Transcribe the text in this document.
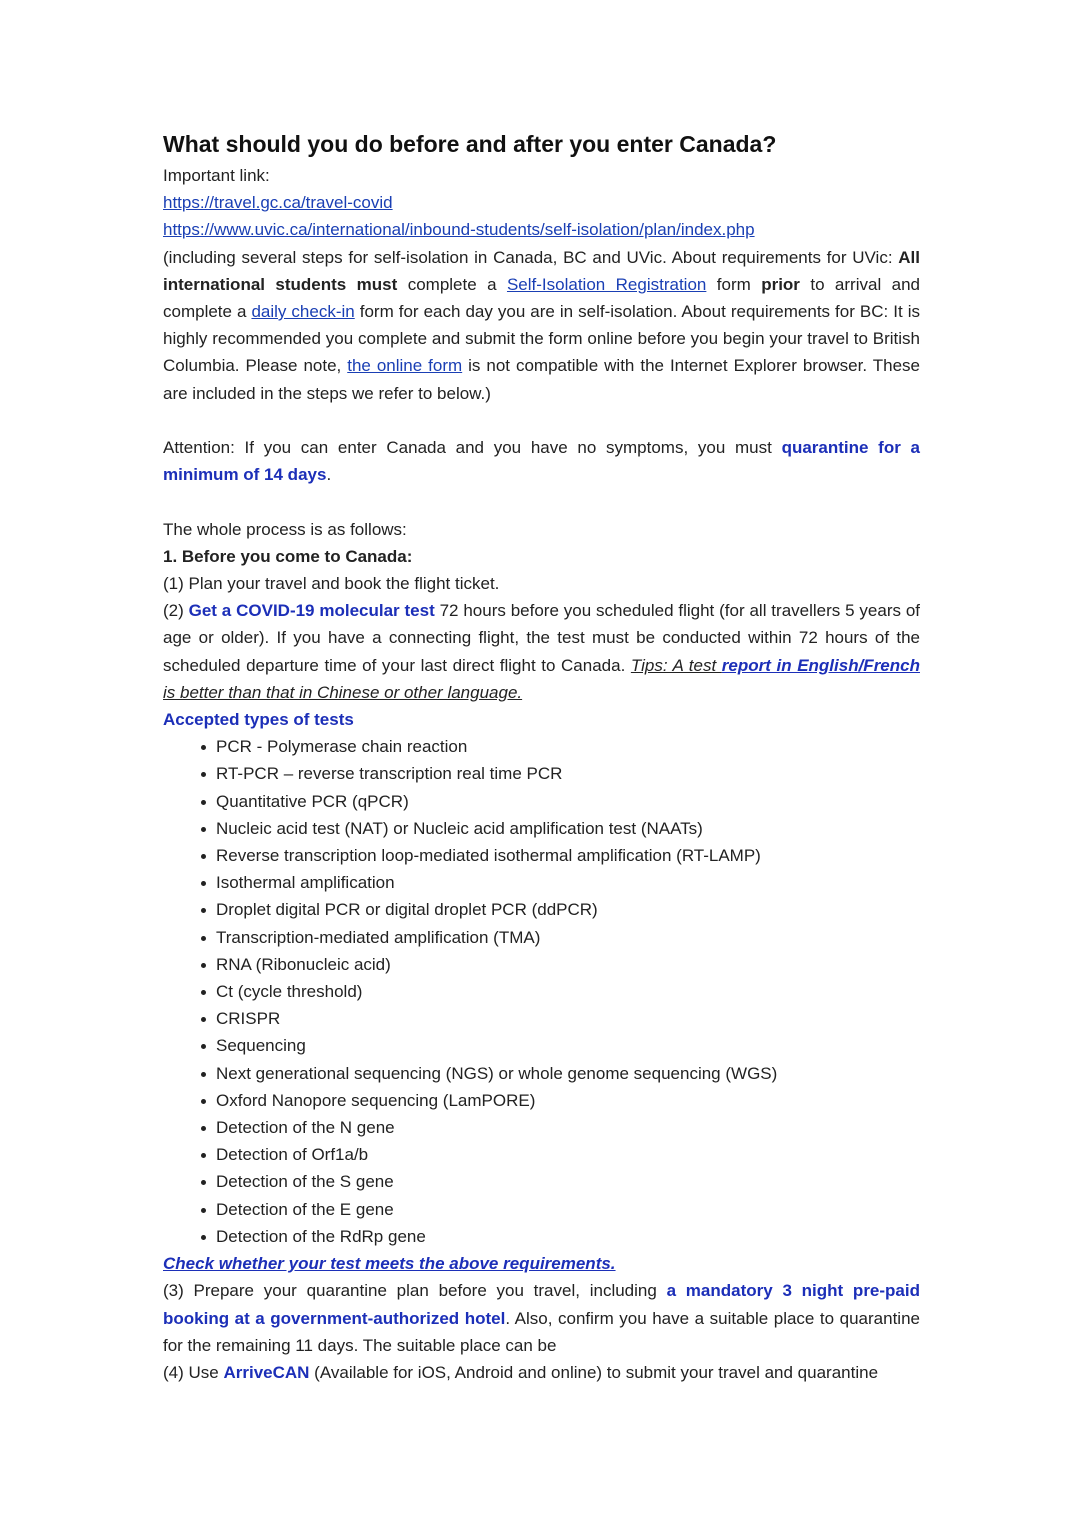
What should you do before and after you enter Canada?

Important link:

https://travel.gc.ca/travel-covid

https://www.uvic.ca/international/inbound-students/self-isolation/plan/index.php

(including several steps for self-isolation in Canada, BC and UVic. About requirements for UVic: All international students must complete a Self-Isolation Registration form prior to arrival and complete a daily check-in form for each day you are in self-isolation. About requirements for BC: It is highly recommended you complete and submit the form online before you begin your travel to British Columbia. Please note, the online form is not compatible with the Internet Explorer browser. These are included in the steps we refer to below.)

Attention: If you can enter Canada and you have no symptoms, you must quarantine for a minimum of 14 days.

The whole process is as follows:

1. Before you come to Canada:

(1) Plan your travel and book the flight ticket.

(2) Get a COVID-19 molecular test 72 hours before you scheduled flight (for all travellers 5 years of age or older). If you have a connecting flight, the test must be conducted within 72 hours of the scheduled departure time of your last direct flight to Canada. Tips: A test report in English/French is better than that in Chinese or other language.

Accepted types of tests

PCR - Polymerase chain reaction
RT-PCR – reverse transcription real time PCR
Quantitative PCR (qPCR)
Nucleic acid test (NAT) or Nucleic acid amplification test (NAATs)
Reverse transcription loop-mediated isothermal amplification (RT-LAMP)
Isothermal amplification
Droplet digital PCR or digital droplet PCR (ddPCR)
Transcription-mediated amplification (TMA)
RNA (Ribonucleic acid)
Ct (cycle threshold)
CRISPR
Sequencing
Next generational sequencing (NGS) or whole genome sequencing (WGS)
Oxford Nanopore sequencing (LamPORE)
Detection of the N gene
Detection of Orf1a/b
Detection of the S gene
Detection of the E gene
Detection of the RdRp gene

Check whether your test meets the above requirements.

(3) Prepare your quarantine plan before you travel, including a mandatory 3 night pre-paid booking at a government-authorized hotel. Also, confirm you have a suitable place to quarantine for the remaining 11 days. The suitable place can be

(4) Use ArriveCAN (Available for iOS, Android and online) to submit your travel and quarantine
